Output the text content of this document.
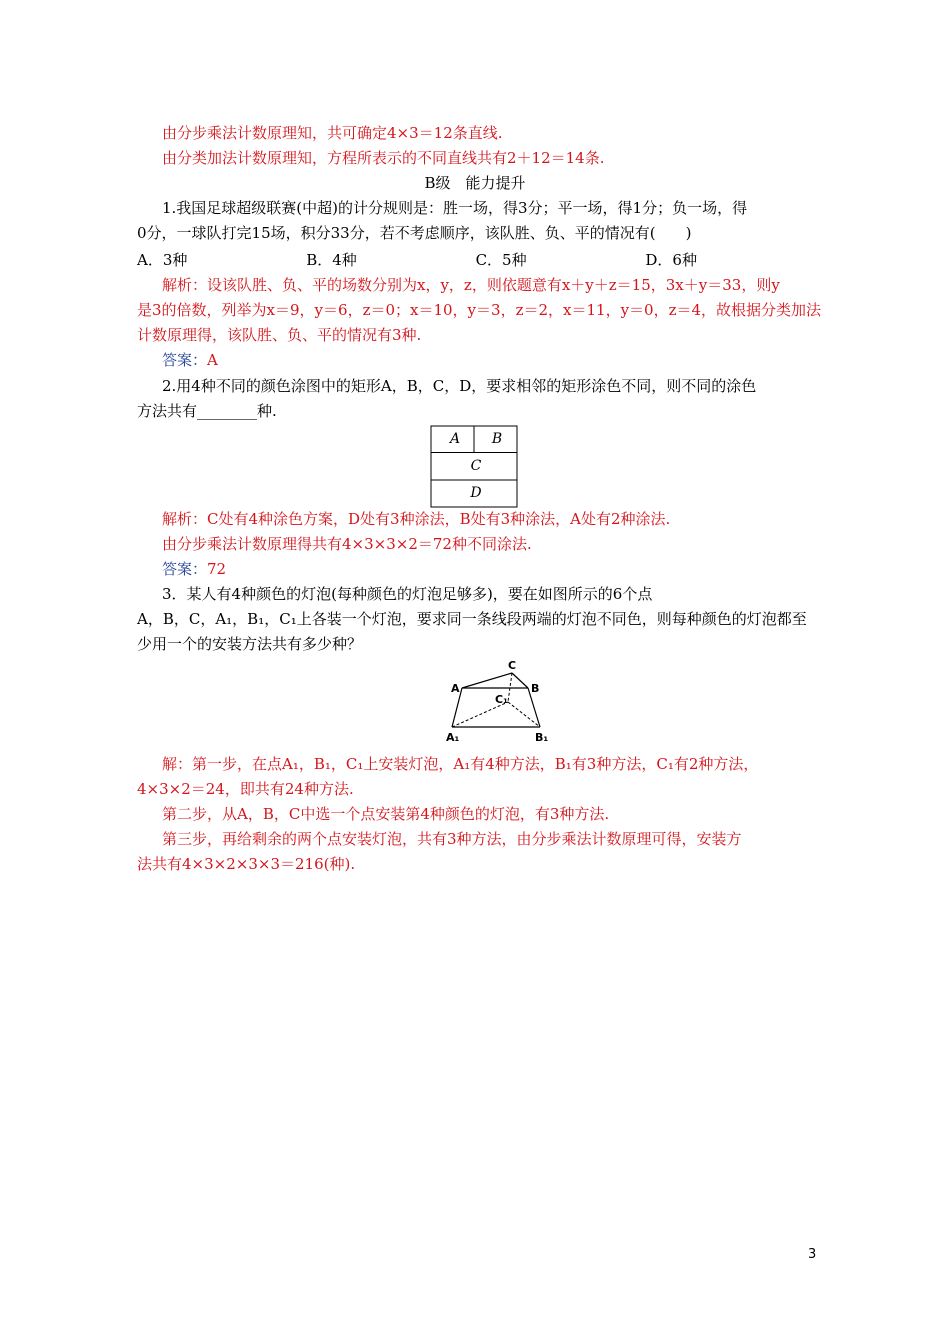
由分步乘法计数原理知，共可确定4×3＝12条直线.
由分类加法计数原理知，方程所表示的不同直线共有2＋12＝14条.
B级　能力提升
1.我国足球超级联赛(中超)的计分规则是：胜一场，得3分；平一场，得1分；负一场，得
0分，一球队打完15场，积分33分，若不考虑顺序，该队胜、负、平的情况有(　　)
A．3种	B．4种	C．5种	D．6种
解析：设该队胜、负、平的场数分别为x，y，z，则依题意有x＋y＋z＝15，3x＋y＝33，则y
是3的倍数，列举为x＝9，y＝6，z＝0；x＝10，y＝3，z＝2，x＝11，y＝0，z＝4，故根据分类加法
计数原理得，该队胜、负、平的情况有3种.
答案：A
2.用4种不同的颜色涂图中的矩形A，B，C，D，要求相邻的矩形涂色不同，则不同的涂色
方法共有________种.
A B
C
D
解析：C处有4种涂色方案，D处有3种涂法，B处有3种涂法，A处有2种涂法.
由分步乘法计数原理得共有4×3×3×2＝72种不同涂法.
答案：72
3．某人有4种颜色的灯泡(每种颜色的灯泡足够多)，要在如图所示的6个点
A，B，C，A₁，B₁，C₁上各装一个灯泡，要求同一条线段两端的灯泡不同色，则每种颜色的灯泡都至
少用一个的安装方法共有多少种？
C
A	B
C₁
A₁	B₁
解：第一步，在点A₁，B₁，C₁上安装灯泡，A₁有4种方法，B₁有3种方法，C₁有2种方法，
4×3×2＝24，即共有24种方法.
第二步，从A，B，C中选一个点安装第4种颜色的灯泡，有3种方法.
第三步，再给剩余的两个点安装灯泡，共有3种方法，由分步乘法计数原理可得，安装方
法共有4×3×2×3×3＝216(种).
3
